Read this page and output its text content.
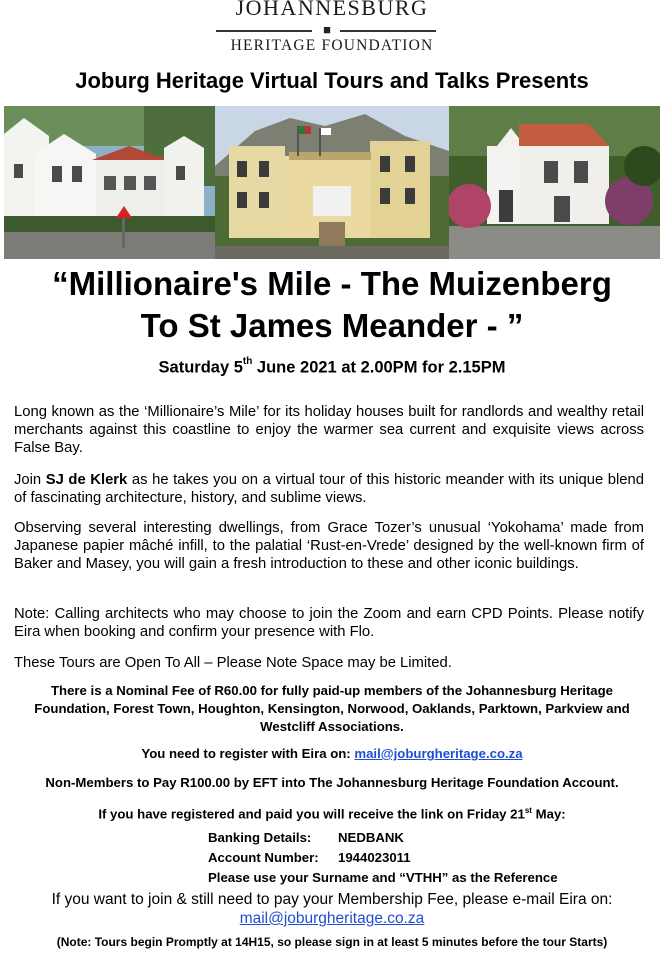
JOHANNESBURG
■
HERITAGE FOUNDATION
Joburg Heritage Virtual Tours and Talks Presents
“Millionaire's Mile - The Muizenberg
To St James Meander - ”
Saturday 5th June 2021 at 2.00PM for 2.15PM
Long known as the ‘Millionaire’s Mile’ for its holiday houses built for randlords and wealthy retail merchants against this coastline to enjoy the warmer sea current and exquisite views across False Bay.
Join SJ de Klerk as he takes you on a virtual tour of this historic meander with its unique blend of fascinating architecture, history, and sublime views.
Observing several interesting dwellings, from Grace Tozer’s unusual ‘Yokohama’ made from Japanese papier mâché infill, to the palatial ‘Rust-en-Vrede’ designed by the well-known firm of Baker and Masey, you will gain a fresh introduction to these and other iconic buildings.
Note: Calling architects who may choose to join the Zoom and earn CPD Points. Please notify Eira when booking and confirm your presence with Flo.
These Tours are Open To All – Please Note Space may be Limited.
There is a Nominal Fee of R60.00 for fully paid-up members of the Johannesburg Heritage Foundation, Forest Town, Houghton, Kensington, Norwood, Oaklands, Parktown, Parkview and Westcliff Associations.
You need to register with Eira on: mail@joburgheritage.co.za
Non-Members to Pay R100.00 by EFT into The Johannesburg Heritage Foundation Account.
If you have registered and paid you will receive the link on Friday 21st May:
Banking Details: NEDBANK
Account Number: 1944023011
Please use your Surname and “VTHH” as the Reference
If you want to join & still need to pay your Membership Fee, please e-mail Eira on:
mail@joburgheritage.co.za
(Note: Tours begin Promptly at 14H15, so please sign in at least 5 minutes before the tour Starts)
